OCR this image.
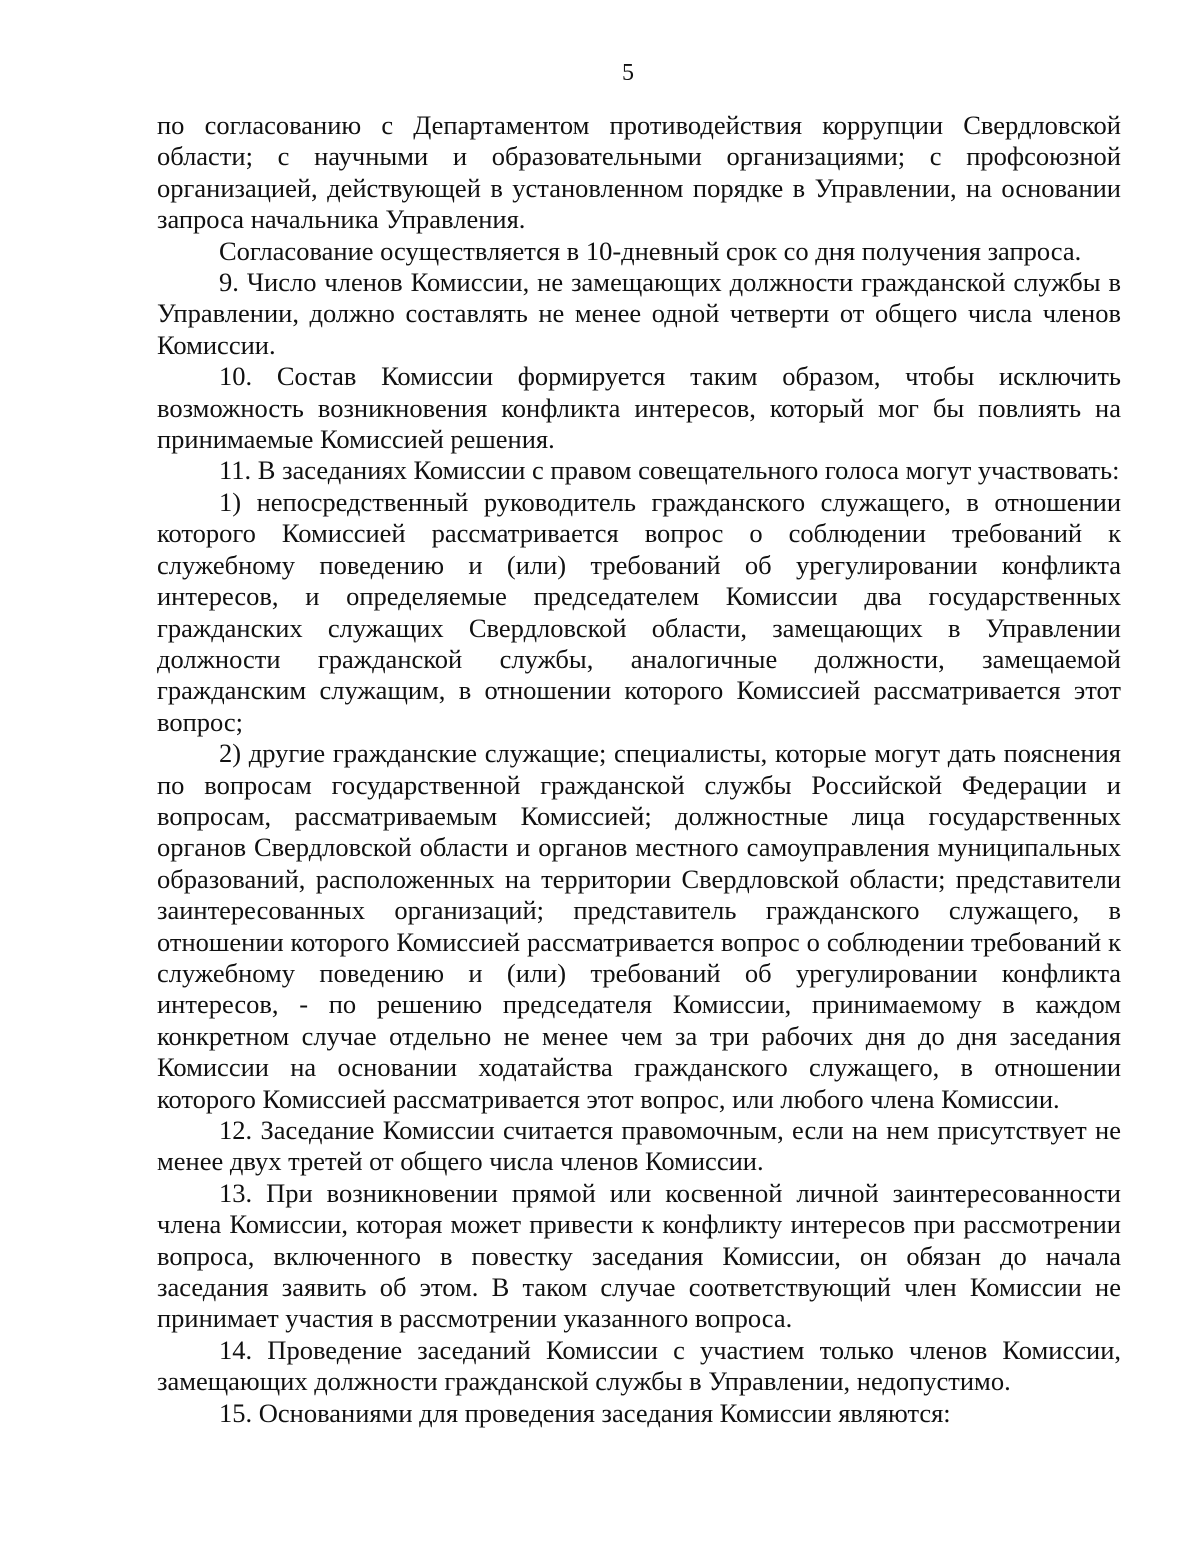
5

по согласованию с Департаментом противодействия коррупции Свердловской области; с научными и образовательными организациями; с профсоюзной организацией, действующей в установленном порядке в Управлении, на основании запроса начальника Управления.

Согласование осуществляется в 10-дневный срок со дня получения запроса.

9. Число членов Комиссии, не замещающих должности гражданской службы в Управлении, должно составлять не менее одной четверти от общего числа членов Комиссии.

10. Состав Комиссии формируется таким образом, чтобы исключить возможность возникновения конфликта интересов, который мог бы повлиять на принимаемые Комиссией решения.

11. В заседаниях Комиссии с правом совещательного голоса могут участвовать:

1) непосредственный руководитель гражданского служащего, в отношении которого Комиссией рассматривается вопрос о соблюдении требований к служебному поведению и (или) требований об урегулировании конфликта интересов, и определяемые председателем Комиссии два государственных гражданских служащих Свердловской области, замещающих в Управлении должности гражданской службы, аналогичные должности, замещаемой гражданским служащим, в отношении которого Комиссией рассматривается этот вопрос;

2) другие гражданские служащие; специалисты, которые могут дать пояснения по вопросам государственной гражданской службы Российской Федерации и вопросам, рассматриваемым Комиссией; должностные лица государственных органов Свердловской области и органов местного самоуправления муниципальных образований, расположенных на территории Свердловской области; представители заинтересованных организаций; представитель гражданского служащего, в отношении которого Комиссией рассматривается вопрос о соблюдении требований к служебному поведению и (или) требований об урегулировании конфликта интересов, - по решению председателя Комиссии, принимаемому в каждом конкретном случае отдельно не менее чем за три рабочих дня до дня заседания Комиссии на основании ходатайства гражданского служащего, в отношении которого Комиссией рассматривается этот вопрос, или любого члена Комиссии.

12. Заседание Комиссии считается правомочным, если на нем присутствует не менее двух третей от общего числа членов Комиссии.

13. При возникновении прямой или косвенной личной заинтересованности члена Комиссии, которая может привести к конфликту интересов при рассмотрении вопроса, включенного в повестку заседания Комиссии, он обязан до начала заседания заявить об этом. В таком случае соответствующий член Комиссии не принимает участия в рассмотрении указанного вопроса.

14. Проведение заседаний Комиссии с участием только членов Комиссии, замещающих должности гражданской службы в Управлении, недопустимо.

15. Основаниями для проведения заседания Комиссии являются:
